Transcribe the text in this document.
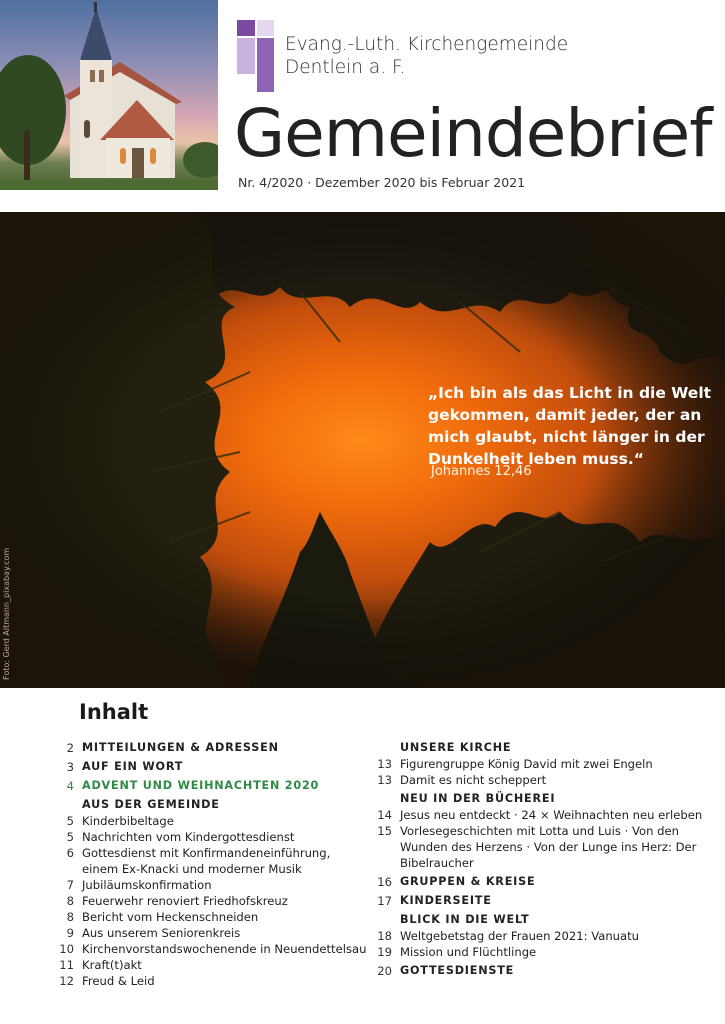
Evang.-Luth. Kirchengemeinde
Dentlein a. F.
Gemeindebrief
Nr. 4/2020 · Dezember 2020 bis Februar 2021
„Ich bin als das Licht in die Welt
gekommen, damit jeder, der an
mich glaubt, nicht länger in der
Dunkelheit leben muss.“
Johannes 12,46
Foto: Gerd Altmann_pixabay.com
Inhalt
2 MITTEILUNGEN & ADRESSEN
3 AUF EIN WORT
4 ADVENT UND WEIHNACHTEN 2020
AUS DER GEMEINDE
5 Kinderbibeltage
5 Nachrichten vom Kindergottesdienst
6 Gottesdienst mit Konfirmandeneinführung,
einem Ex-Knacki und moderner Musik
7 Jubiläumskonfirmation
8 Feuerwehr renoviert Friedhofskreuz
8 Bericht vom Heckenschneiden
9 Aus unserem Seniorenkreis
10 Kirchenvorstandswochenende in Neuendettelsau
11 Kraft(t)akt
12 Freud & Leid
UNSERE KIRCHE
13 Figurengruppe König David mit zwei Engeln
13 Damit es nicht scheppert
NEU IN DER BÜCHEREI
14 Jesus neu entdeckt · 24 × Weihnachten neu erleben
15 Vorlesegeschichten mit Lotta und Luis · Von den
Wunden des Herzens · Von der Lunge ins Herz: Der
Bibelraucher
16 GRUPPEN & KREISE
17 KINDERSEITE
BLICK IN DIE WELT
18 Weltgebetstag der Frauen 2021: Vanuatu
19 Mission und Flüchtlinge
20 GOTTESDIENSTE
